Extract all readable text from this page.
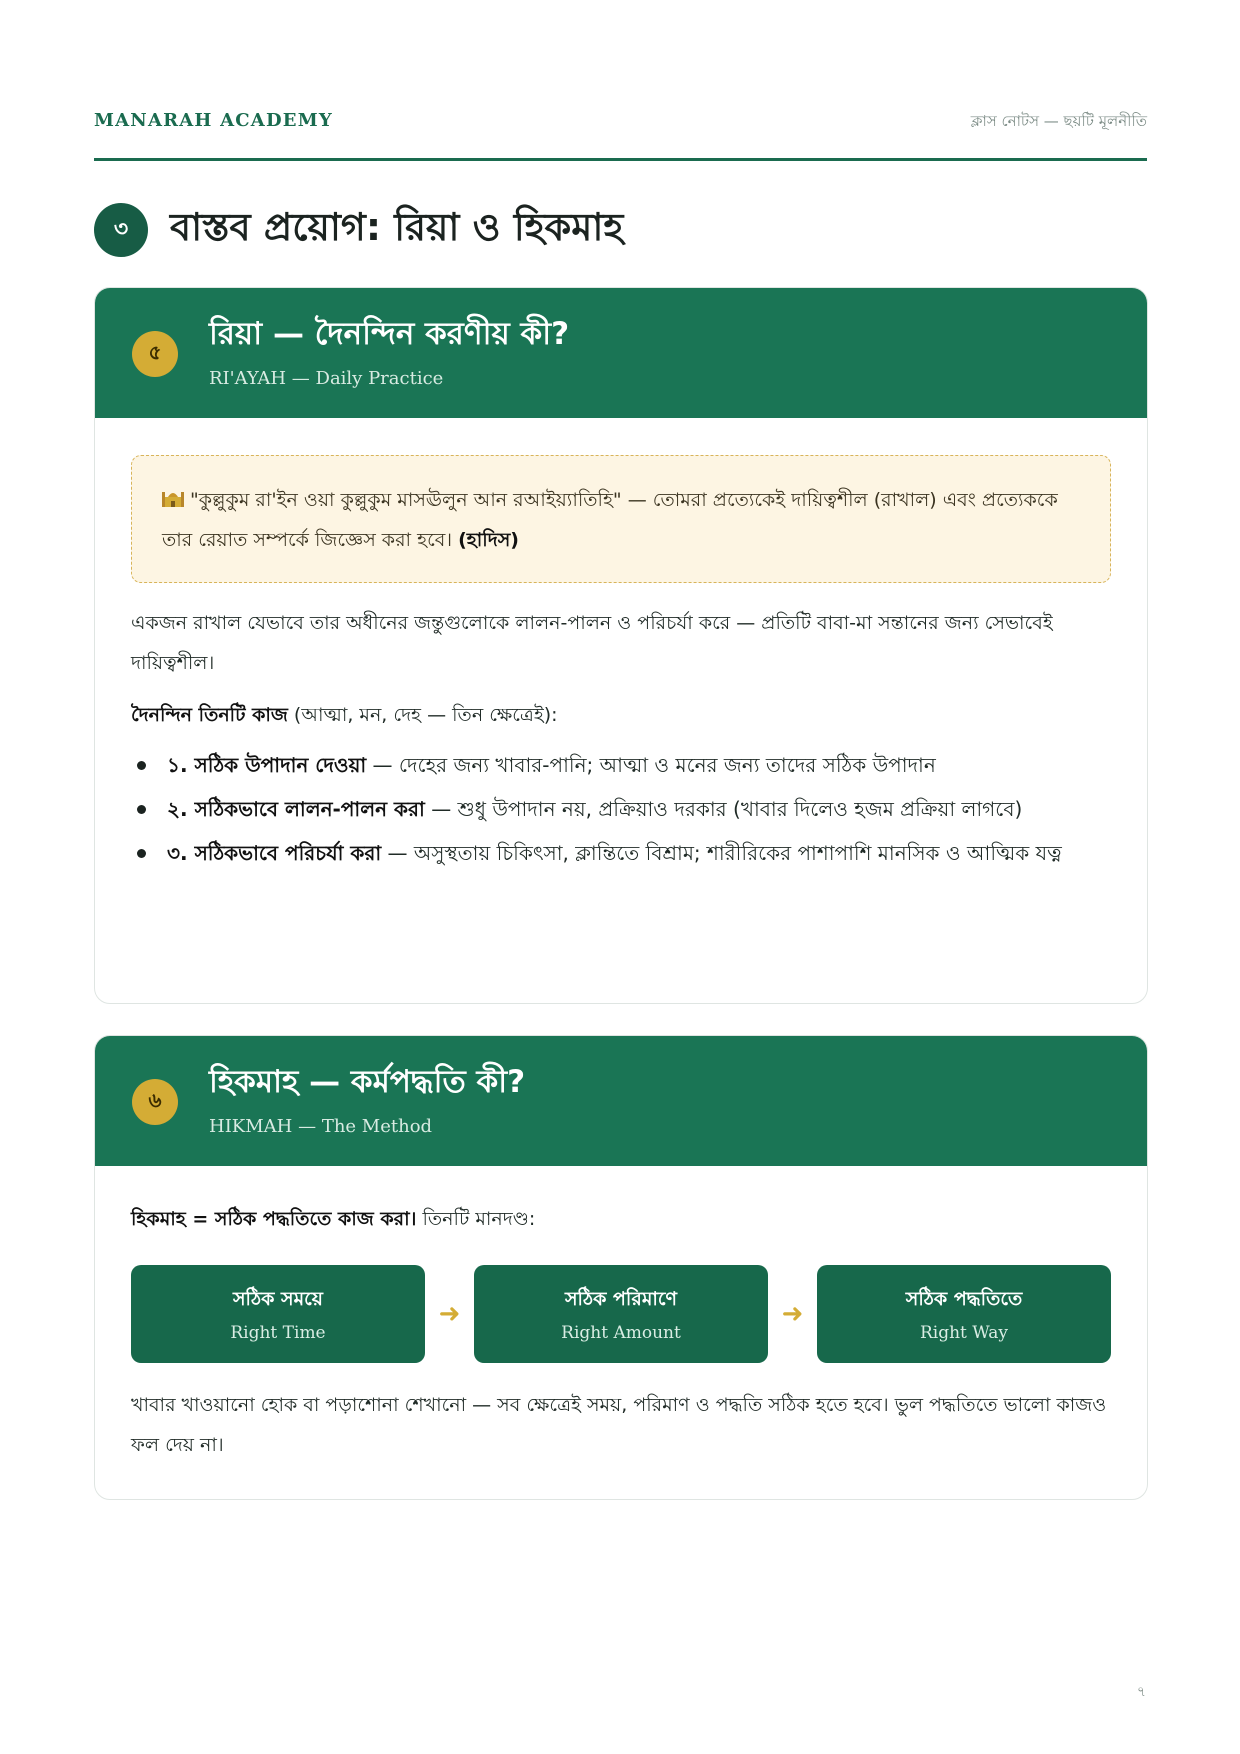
MANARAH ACADEMY	ক্লাস নোটস — ছয়টি মূলনীতি
৩	বাস্তব প্রয়োগ: রিয়া ও হিকমাহ
৫	রিয়া — দৈনন্দিন করণীয় কী?
RI'AYAH — Daily Practice
"কুল্লুকুম রা'ইন ওয়া কুল্লুকুম মাসঊলুন আন রআইয়্যাতিহি" — তোমরা প্রত্যেকেই দায়িত্বশীল (রাখাল) এবং প্রত্যেককে তার রেয়াত সম্পর্কে জিজ্ঞেস করা হবে। (হাদিস)
একজন রাখাল যেভাবে তার অধীনের জন্তুগুলোকে লালন-পালন ও পরিচর্যা করে — প্রতিটি বাবা-মা সন্তানের জন্য সেভাবেই দায়িত্বশীল।
দৈনন্দিন তিনটি কাজ (আত্মা, মন, দেহ — তিন ক্ষেত্রেই):
১. সঠিক উপাদান দেওয়া — দেহের জন্য খাবার-পানি; আত্মা ও মনের জন্য তাদের সঠিক উপাদান
২. সঠিকভাবে লালন-পালন করা — শুধু উপাদান নয়, প্রক্রিয়াও দরকার (খাবার দিলেও হজম প্রক্রিয়া লাগবে)
৩. সঠিকভাবে পরিচর্যা করা — অসুস্থতায় চিকিৎসা, ক্লান্তিতে বিশ্রাম; শারীরিকের পাশাপাশি মানসিক ও আত্মিক যত্ন
৬	হিকমাহ — কর্মপদ্ধতি কী?
HIKMAH — The Method
হিকমাহ = সঠিক পদ্ধতিতে কাজ করা। তিনটি মানদণ্ড:
সঠিক সময়ে
Right Time
➜	সঠিক পরিমাণে
Right Amount
➜	সঠিক পদ্ধতিতে
Right Way
খাবার খাওয়ানো হোক বা পড়াশোনা শেখানো — সব ক্ষেত্রেই সময়, পরিমাণ ও পদ্ধতি সঠিক হতে হবে। ভুল পদ্ধতিতে ভালো কাজও ফল দেয় না।
৭
